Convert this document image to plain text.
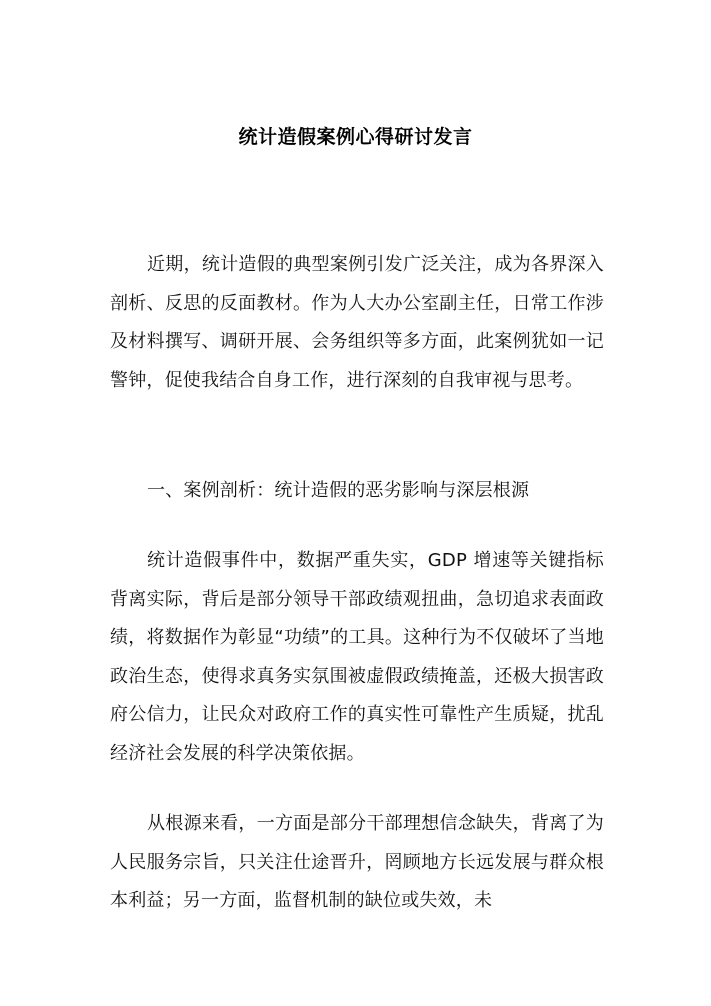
统计造假案例心得研讨发言

近期，统计造假的典型案例引发广泛关注，成为各界深入剖析、反思的反面教材。作为人大办公室副主任，日常工作涉及材料撰写、调研开展、会务组织等多方面，此案例犹如一记警钟，促使我结合自身工作，进行深刻的自我审视与思考。

一、案例剖析：统计造假的恶劣影响与深层根源

统计造假事件中，数据严重失实，GDP 增速等关键指标背离实际，背后是部分领导干部政绩观扭曲，急切追求表面政绩，将数据作为彰显“功绩”的工具。这种行为不仅破坏了当地政治生态，使得求真务实氛围被虚假政绩掩盖，还极大损害政府公信力，让民众对政府工作的真实性可靠性产生质疑，扰乱经济社会发展的科学决策依据。

从根源来看，一方面是部分干部理想信念缺失，背离了为人民服务宗旨，只关注仕途晋升，罔顾地方长远发展与群众根本利益；另一方面，监督机制的缺位或失效，未
